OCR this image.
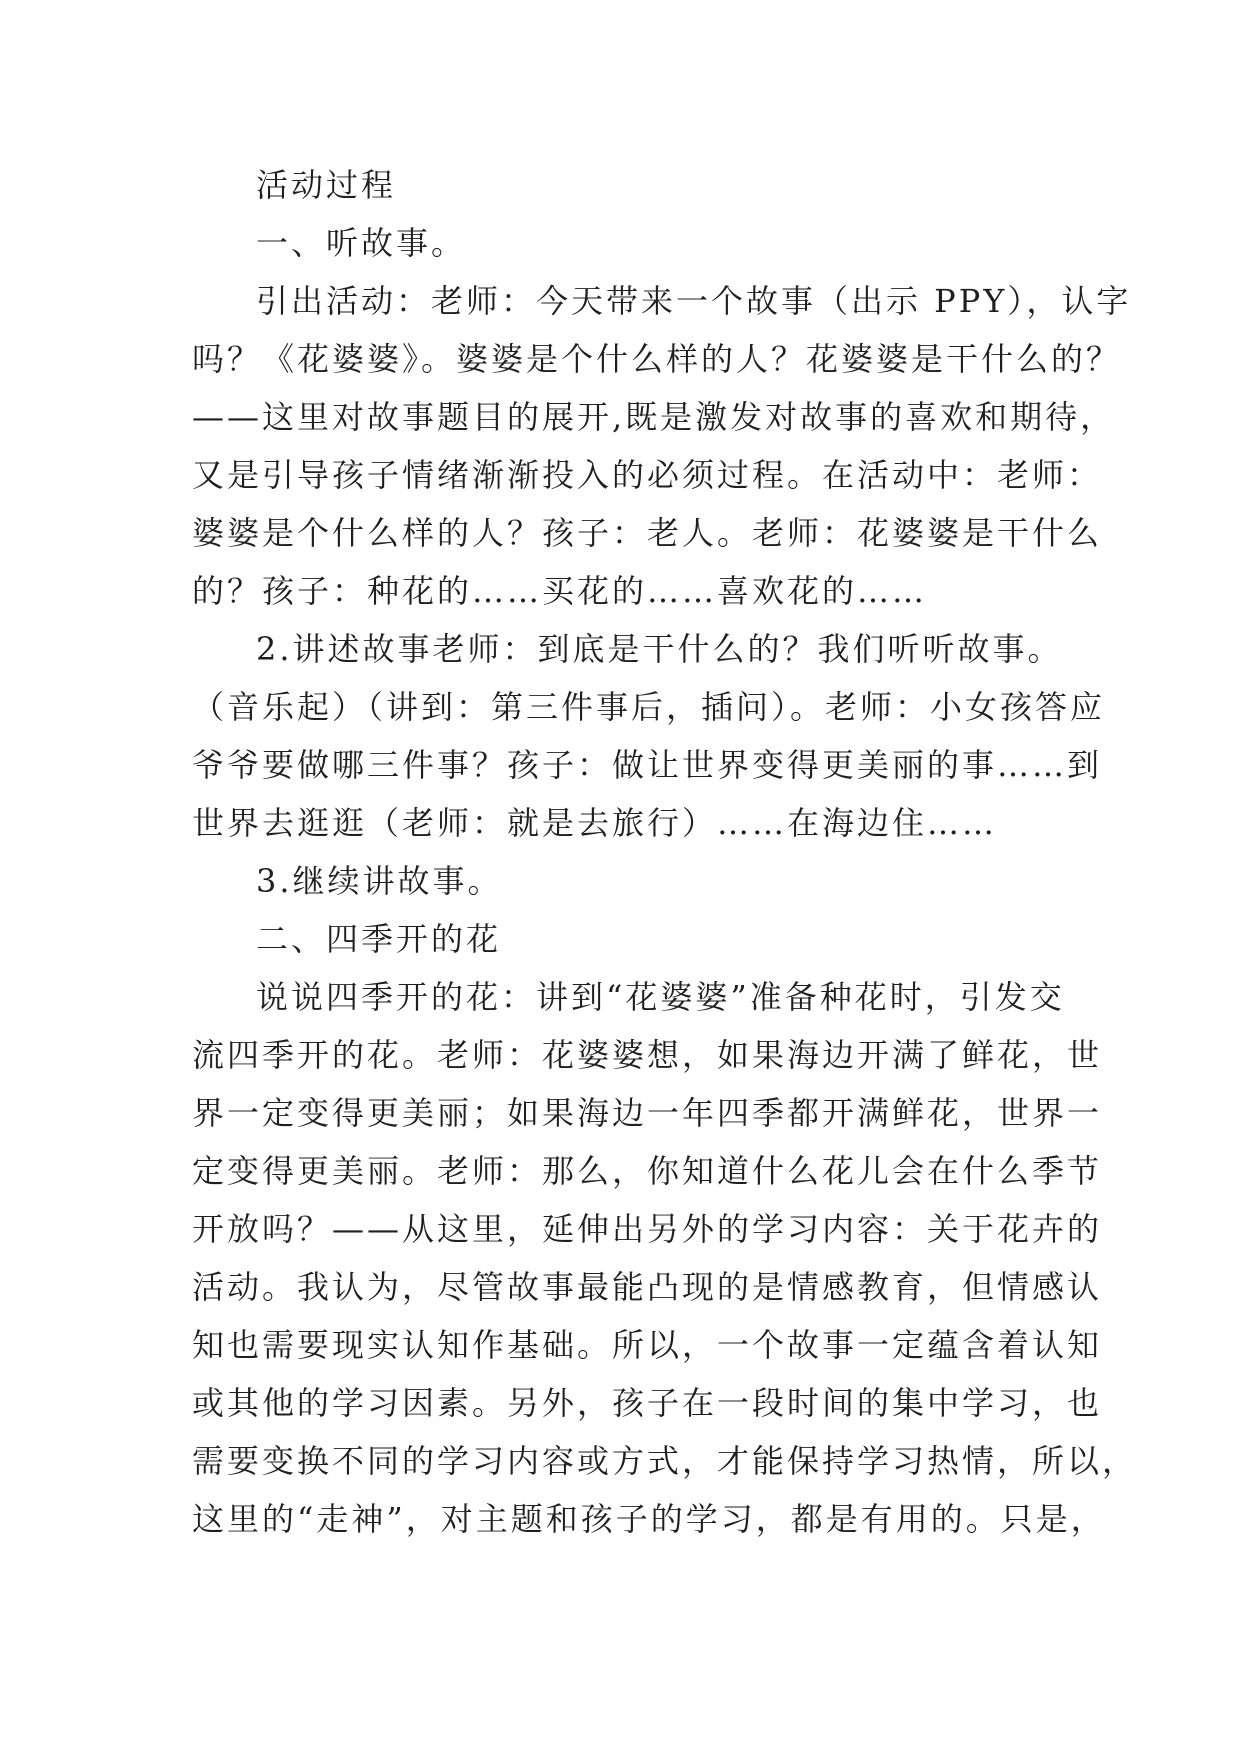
活动过程
一、听故事。
引出活动：老师：今天带来一个故事（出示 PPY），认字
吗？《花婆婆》。婆婆是个什么样的人？花婆婆是干什么的？
——这里对故事题目的展开,既是激发对故事的喜欢和期待，
又是引导孩子情绪渐渐投入的必须过程。在活动中：老师：
婆婆是个什么样的人？孩子：老人。老师：花婆婆是干什么
的？孩子：种花的……买花的……喜欢花的……
2.讲述故事老师：到底是干什么的？我们听听故事。
（音乐起）（讲到：第三件事后，插问）。老师：小女孩答应
爷爷要做哪三件事？孩子：做让世界变得更美丽的事……到
世界去逛逛（老师：就是去旅行）……在海边住……
3.继续讲故事。
二、四季开的花
说说四季开的花：讲到“花婆婆”准备种花时，引发交
流四季开的花。老师：花婆婆想，如果海边开满了鲜花，世
界一定变得更美丽；如果海边一年四季都开满鲜花，世界一
定变得更美丽。老师：那么，你知道什么花儿会在什么季节
开放吗？——从这里，延伸出另外的学习内容：关于花卉的
活动。我认为，尽管故事最能凸现的是情感教育，但情感认
知也需要现实认知作基础。所以，一个故事一定蕴含着认知
或其他的学习因素。另外，孩子在一段时间的集中学习，也
需要变换不同的学习内容或方式，才能保持学习热情，所以，
这里的“走神”，对主题和孩子的学习，都是有用的。只是，
